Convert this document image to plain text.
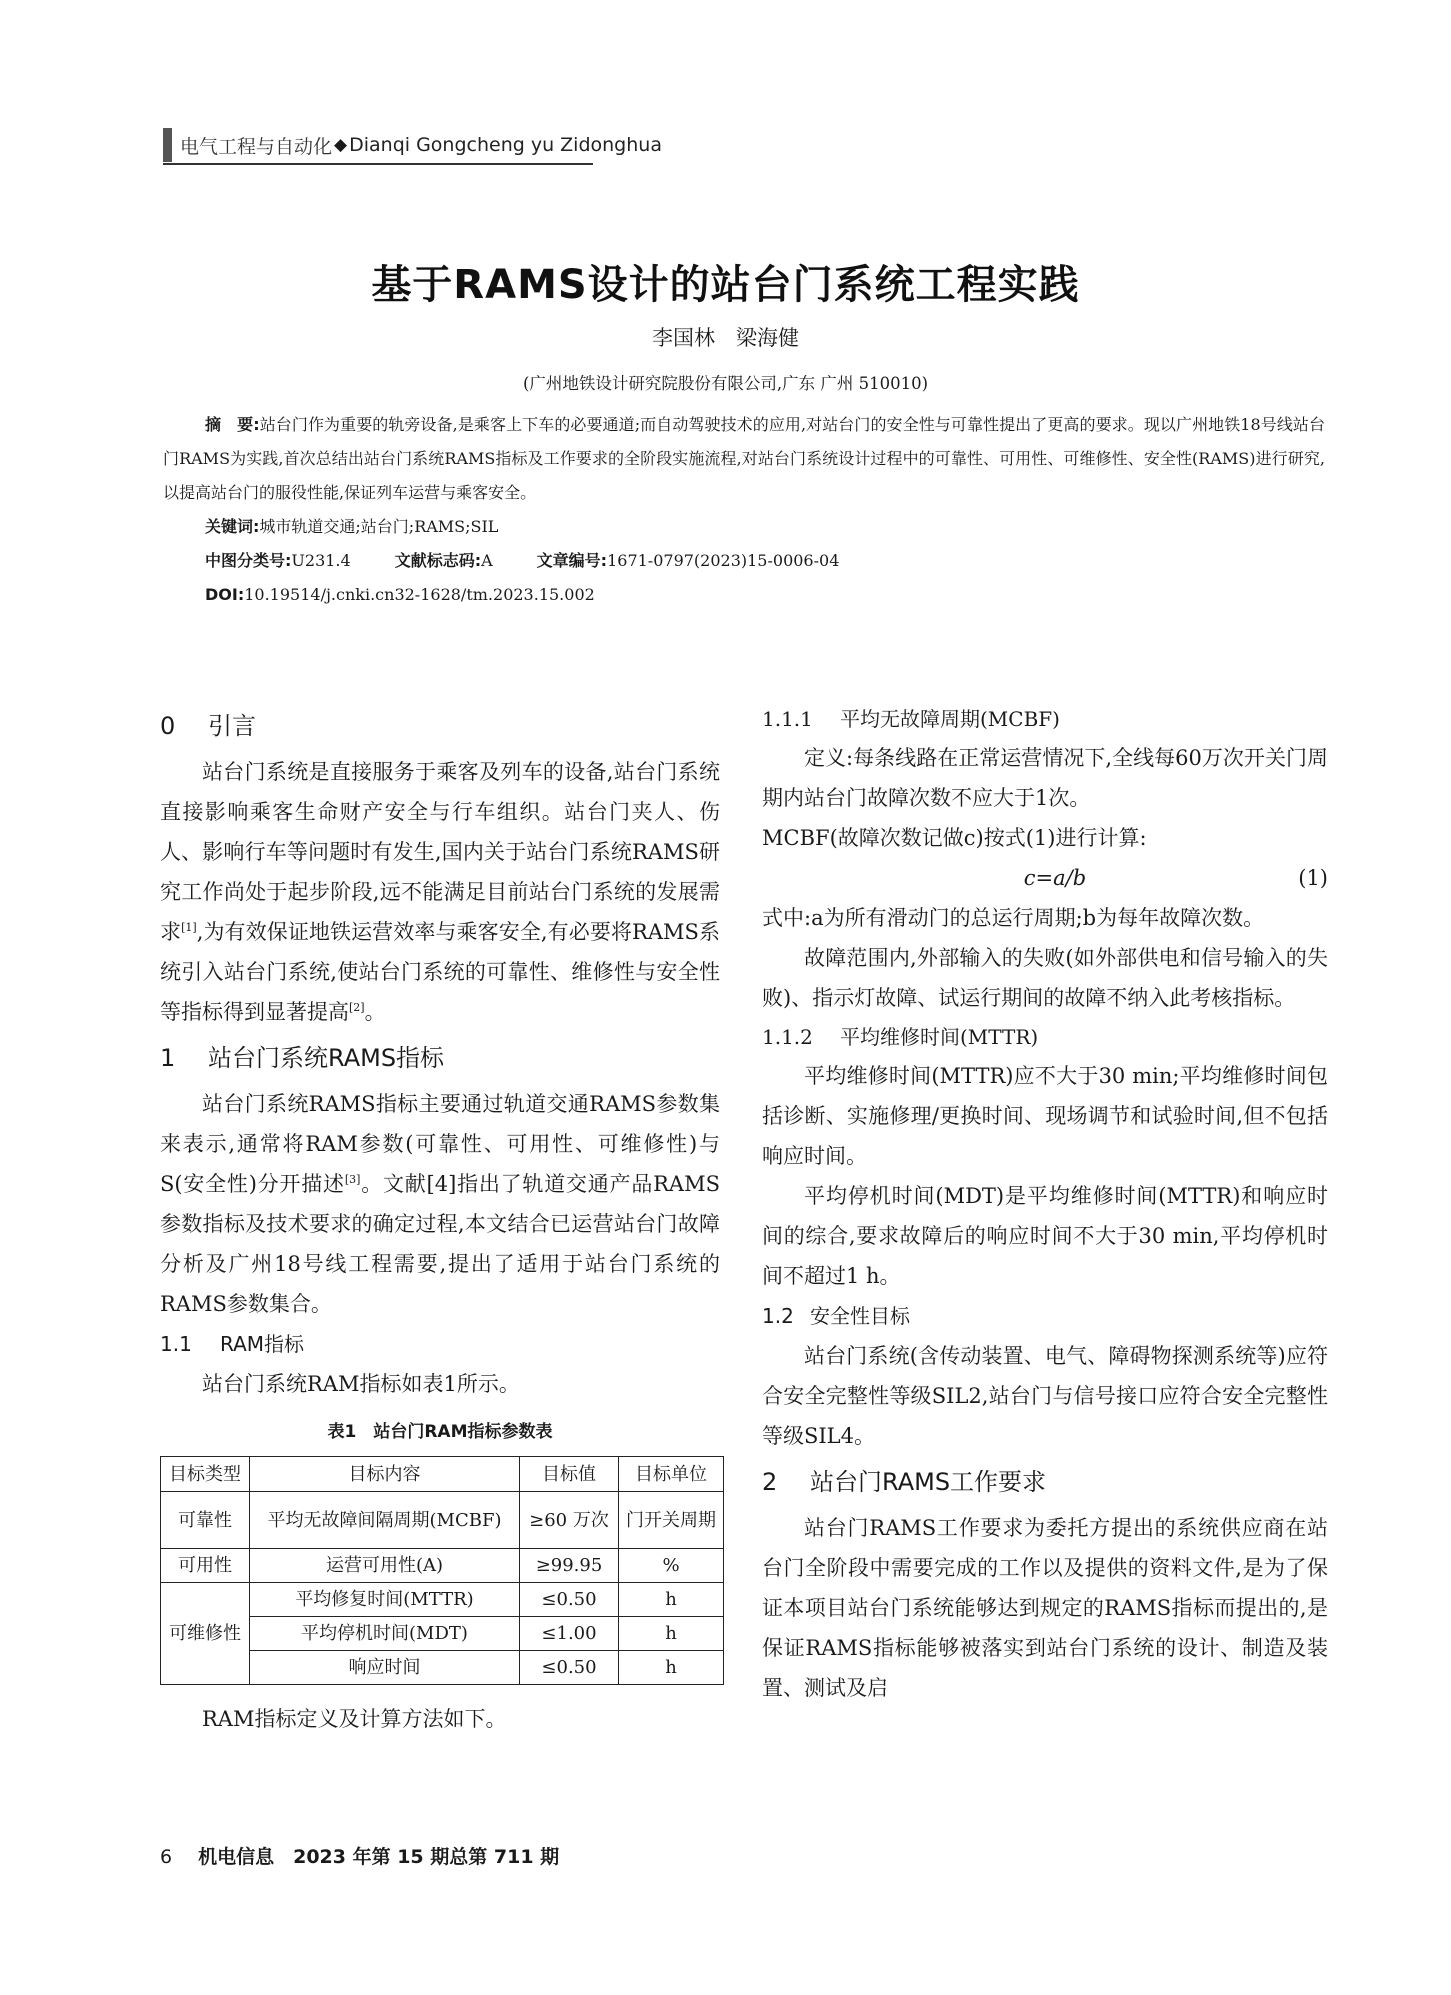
电气工程与自动化 ◆ Dianqi Gongcheng yu Zidonghua
基于RAMS设计的站台门系统工程实践
李国林　梁海健
(广州地铁设计研究院股份有限公司,广东 广州 510010)

摘　要:站台门作为重要的轨旁设备,是乘客上下车的必要通道;而自动驾驶技术的应用,对站台门的安全性与可靠性提出了更高的要求。现以广州地铁18号线站台门RAMS为实践,首次总结出站台门系统RAMS指标及工作要求的全阶段实施流程,对站台门系统设计过程中的可靠性、可用性、可维修性、安全性(RAMS)进行研究,以提高站台门的服役性能,保证列车运营与乘客安全。

关键词:城市轨道交通;站台门;RAMS;SIL

中图分类号:U231.4	文献标志码:A	文章编号:1671-0797(2023)15-0006-04

DOI:10.19514/j.cnki.cn32-1628/tm.2023.15.002

0 引言

站台门系统是直接服务于乘客及列车的设备,站台门系统直接影响乘客生命财产安全与行车组织。站台门夹人、伤人、影响行车等问题时有发生,国内关于站台门系统RAMS研究工作尚处于起步阶段,远不能满足目前站台门系统的发展需求[1],为有效保证地铁运营效率与乘客安全,有必要将RAMS系统引入站台门系统,使站台门系统的可靠性、维修性与安全性等指标得到显著提高[2]。

1 站台门系统RAMS指标

站台门系统RAMS指标主要通过轨道交通RAMS参数集来表示,通常将RAM参数(可靠性、可用性、可维修性)与S(安全性)分开描述[3]。文献[4]指出了轨道交通产品RAMS参数指标及技术要求的确定过程,本文结合已运营站台门故障分析及广州18号线工程需要,提出了适用于站台门系统的RAMS参数集合。

1.1 RAM指标

站台门系统RAM指标如表1所示。

表1　站台门RAM指标参数表
目标类型	目标内容	目标值	目标单位
可靠性	平均无故障间隔周期(MCBF)	≥60 万次	门开关周期
可用性	运营可用性(A)	≥99.95	%
可维修性	平均修复时间(MTTR)	≤0.50	h
	平均停机时间(MDT)	≤1.00	h
	响应时间	≤0.50	h

RAM指标定义及计算方法如下。

1.1.1 平均无故障周期(MCBF)

定义:每条线路在正常运营情况下,全线每60万次开关门周期内站台门故障次数不应大于1次。

MCBF(故障次数记做c)按式(1)进行计算:

c=a/b	(1)

式中:a为所有滑动门的总运行周期;b为每年故障次数。

故障范围内,外部输入的失败(如外部供电和信号输入的失败)、指示灯故障、试运行期间的故障不纳入此考核指标。

1.1.2 平均维修时间(MTTR)

平均维修时间(MTTR)应不大于30 min;平均维修时间包括诊断、实施修理/更换时间、现场调节和试验时间,但不包括响应时间。

平均停机时间(MDT)是平均维修时间(MTTR)和响应时间的综合,要求故障后的响应时间不大于30 min,平均停机时间不超过1 h。

1.2 安全性目标

站台门系统(含传动装置、电气、障碍物探测系统等)应符合安全完整性等级SIL2,站台门与信号接口应符合安全完整性等级SIL4。

2 站台门RAMS工作要求

站台门RAMS工作要求为委托方提出的系统供应商在站台门全阶段中需要完成的工作以及提供的资料文件,是为了保证本项目站台门系统能够达到规定的RAMS指标而提出的,是保证RAMS指标能够被落实到站台门系统的设计、制造及装置、测试及启

6 机电信息　2023 年第 15 期总第 711 期
